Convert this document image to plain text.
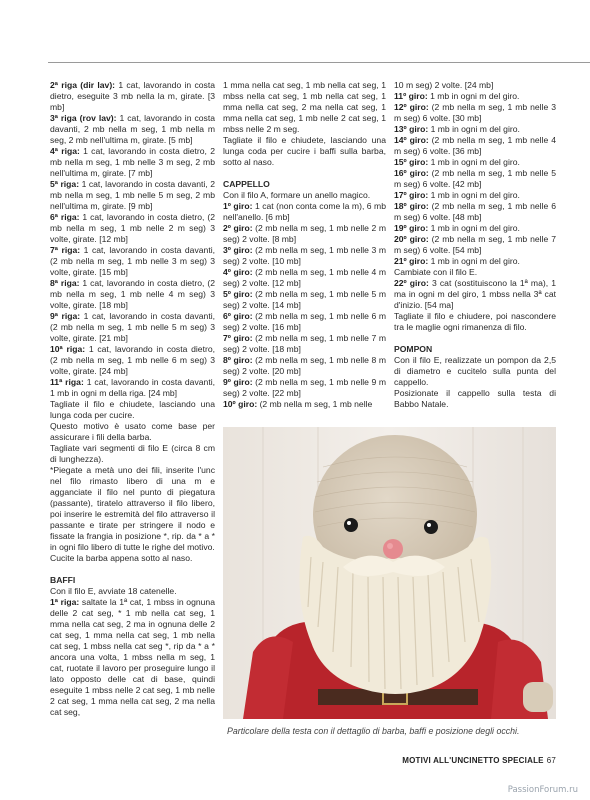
2ª riga (dir lav): 1 cat, lavorando in costa dietro, eseguite 3 mb nella la m, girate. [3 mb]

3ª riga (rov lav): 1 cat, lavorando in costa davanti, 2 mb nella m seg, 1 mb nella m seg, 2 mb nell'ultima m, girate. [5 mb]

4ª riga: 1 cat, lavorando in costa dietro, 2 mb nella m seg, 1 mb nelle 3 m seg, 2 mb nell'ultima m, girate. [7 mb]

5ª riga: 1 cat, lavorando in costa davanti, 2 mb nella m seg, 1 mb nelle 5 m seg, 2 mb nell'ultima m, girate. [9 mb]

6ª riga: 1 cat, lavorando in costa dietro, (2 mb nella m seg, 1 mb nelle 2 m seg) 3 volte, girate. [12 mb]

7ª riga: 1 cat, lavorando in costa davanti, (2 mb nella m seg, 1 mb nelle 3 m seg) 3 volte, girate. [15 mb]

8ª riga: 1 cat, lavorando in costa dietro, (2 mb nella m seg, 1 mb nelle 4 m seg) 3 volte, girate. [18 mb]

9ª riga: 1 cat, lavorando in costa davanti, (2 mb nella m seg, 1 mb nelle 5 m seg) 3 volte, girate. [21 mb]

10ª riga: 1 cat, lavorando in costa dietro, (2 mb nella m seg, 1 mb nelle 6 m seg) 3 volte, girate. [24 mb]

11ª riga: 1 cat, lavorando in costa davanti, 1 mb in ogni m della riga. [24 mb]

Tagliate il filo e chiudete, lasciando una lunga coda per cucire.

Questo motivo è usato come base per assicurare i fili della barba.

Tagliate vari segmenti di filo E (circa 8 cm di lunghezza).

*Piegate a metà uno dei fili, inserite l'unc nel filo rimasto libero di una m e agganciate il filo nel punto di piegatura (passante), tiratelo attraverso il filo libero, poi inserire le estremità del filo attraverso il passante e tirate per stringere il nodo e fissate la frangia in posizione *, rip. da * a * in ogni filo libero di tutte le righe del motivo.

Cucite la barba appena sotto al naso.

BAFFI

Con il filo E, avviate 18 catenelle.

1ª riga: saltate la 1ª cat, 1 mbss in ognuna delle 2 cat seg, * 1 mb nella cat seg, 1 mma nella cat seg, 2 ma in ognuna delle 2 cat seg, 1 mma nella cat seg, 1 mb nella cat seg, 1 mbss nella cat seg *, rip da * a * ancora una volta, 1 mbss nella m seg, 1 cat, ruotate il lavoro per proseguire lungo il lato opposto delle cat di base, quindi eseguite 1 mbss nelle 2 cat seg, 1 mb nelle 2 cat seg, 1 mma nella cat seg, 2 ma nella cat seg,

1 mma nella cat seg, 1 mb nella cat seg, 1 mbss nella cat seg, 1 mb nella cat seg, 1 mma nella cat seg, 2 ma nella cat seg, 1 mma nella cat seg, 1 mb nelle 2 cat seg, 1 mbss nelle 2 m seg.

Tagliate il filo e chiudete, lasciando una lunga coda per cucire i baffi sulla barba, sotto al naso.

CAPPELLO

Con il filo A, formare un anello magico.

1º giro: 1 cat (non conta come la m), 6 mb nell'anello. [6 mb]

2º giro: (2 mb nella m seg, 1 mb nelle 2 m seg) 2 volte. [8 mb]

3º giro: (2 mb nella m seg, 1 mb nelle 3 m seg) 2 volte. [10 mb]

4º giro: (2 mb nella m seg, 1 mb nelle 4 m seg) 2 volte. [12 mb]

5º giro: (2 mb nella m seg, 1 mb nelle 5 m seg) 2 volte. [14 mb]

6º giro: (2 mb nella m seg, 1 mb nelle 6 m seg) 2 volte. [16 mb]

7º giro: (2 mb nella m seg, 1 mb nelle 7 m seg) 2 volte. [18 mb]

8º giro: (2 mb nella m seg, 1 mb nelle 8 m seg) 2 volte. [20 mb]

9º giro: (2 mb nella m seg, 1 mb nelle 9 m seg) 2 volte. [22 mb]

10º giro: (2 mb nella m seg, 1 mb nelle

10 m seg) 2 volte. [24 mb]

11º giro: 1 mb in ogni m del giro.

12º giro: (2 mb nella m seg, 1 mb nelle 3 m seg) 6 volte. [30 mb]

13º giro: 1 mb in ogni m del giro.

14º giro: (2 mb nella m seg, 1 mb nelle 4 m seg) 6 volte. [36 mb]

15º giro: 1 mb in ogni m del giro.

16º giro: (2 mb nella m seg, 1 mb nelle 5 m seg) 6 volte. [42 mb]

17º giro: 1 mb in ogni m del giro.

18º giro: (2 mb nella m seg, 1 mb nelle 6 m seg) 6 volte. [48 mb]

19º giro: 1 mb in ogni m del giro.

20º giro: (2 mb nella m seg, 1 mb nelle 7 m seg) 6 volte. [54 mb]

21º giro: 1 mb in ogni m del giro.

Cambiate con il filo E.

22º giro: 3 cat (sostituiscono la 1ª ma), 1 ma in ogni m del giro, 1 mbss nella 3ª cat d'inizio. [54 ma]

Tagliate il filo e chiudere, poi nascondere tra le maglie ogni rimanenza di filo.

POMPON

Con il filo E, realizzate un pompon da 2,5 di diametro e cucitelo sulla punta del cappello.

Posizionate il cappello sulla testa di Babbo Natale.

Particolare della testa con il dettaglio di barba, baffi e posizione degli occhi.
MOTIVI ALL'UNCINETTO SPECIALE 67
PassionForum.ru
